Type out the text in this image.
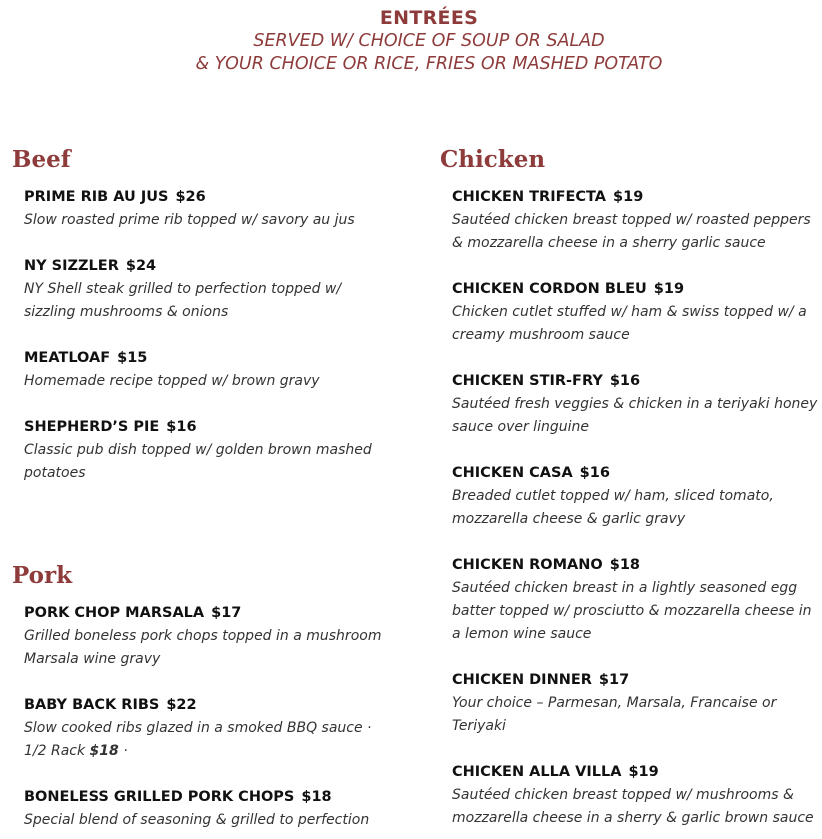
ENTRÉES
SERVED W/ CHOICE OF SOUP OR SALAD
& YOUR CHOICE OR RICE, FRIES OR MASHED POTATO
Beef
PRIME RIB AU JUS $26
Slow roasted prime rib topped w/ savory au jus
NY SIZZLER $24
NY Shell steak grilled to perfection topped w/ sizzling mushrooms & onions
MEATLOAF $15
Homemade recipe topped w/ brown gravy
SHEPHERD’S PIE $16
Classic pub dish topped w/ golden brown mashed potatoes
Pork
PORK CHOP MARSALA $17
Grilled boneless pork chops topped in a mushroom Marsala wine gravy
BABY BACK RIBS $22
Slow cooked ribs glazed in a smoked BBQ sauce ·
1/2 Rack $18 ·
BONELESS GRILLED PORK CHOPS $18
Special blend of seasoning & grilled to perfection
Chicken
CHICKEN TRIFECTA $19
Sautéed chicken breast topped w/ roasted peppers & mozzarella cheese in a sherry garlic sauce
CHICKEN CORDON BLEU $19
Chicken cutlet stuffed w/ ham & swiss topped w/ a creamy mushroom sauce
CHICKEN STIR-FRY $16
Sautéed fresh veggies & chicken in a teriyaki honey sauce over linguine
CHICKEN CASA $16
Breaded cutlet topped w/ ham, sliced tomato, mozzarella cheese & garlic gravy
CHICKEN ROMANO $18
Sautéed chicken breast in a lightly seasoned egg batter topped w/ prosciutto & mozzarella cheese in a lemon wine sauce
CHICKEN DINNER $17
Your choice – Parmesan, Marsala, Francaise or Teriyaki
CHICKEN ALLA VILLA $19
Sautéed chicken breast topped w/ mushrooms & mozzarella cheese in a sherry & garlic brown sauce
